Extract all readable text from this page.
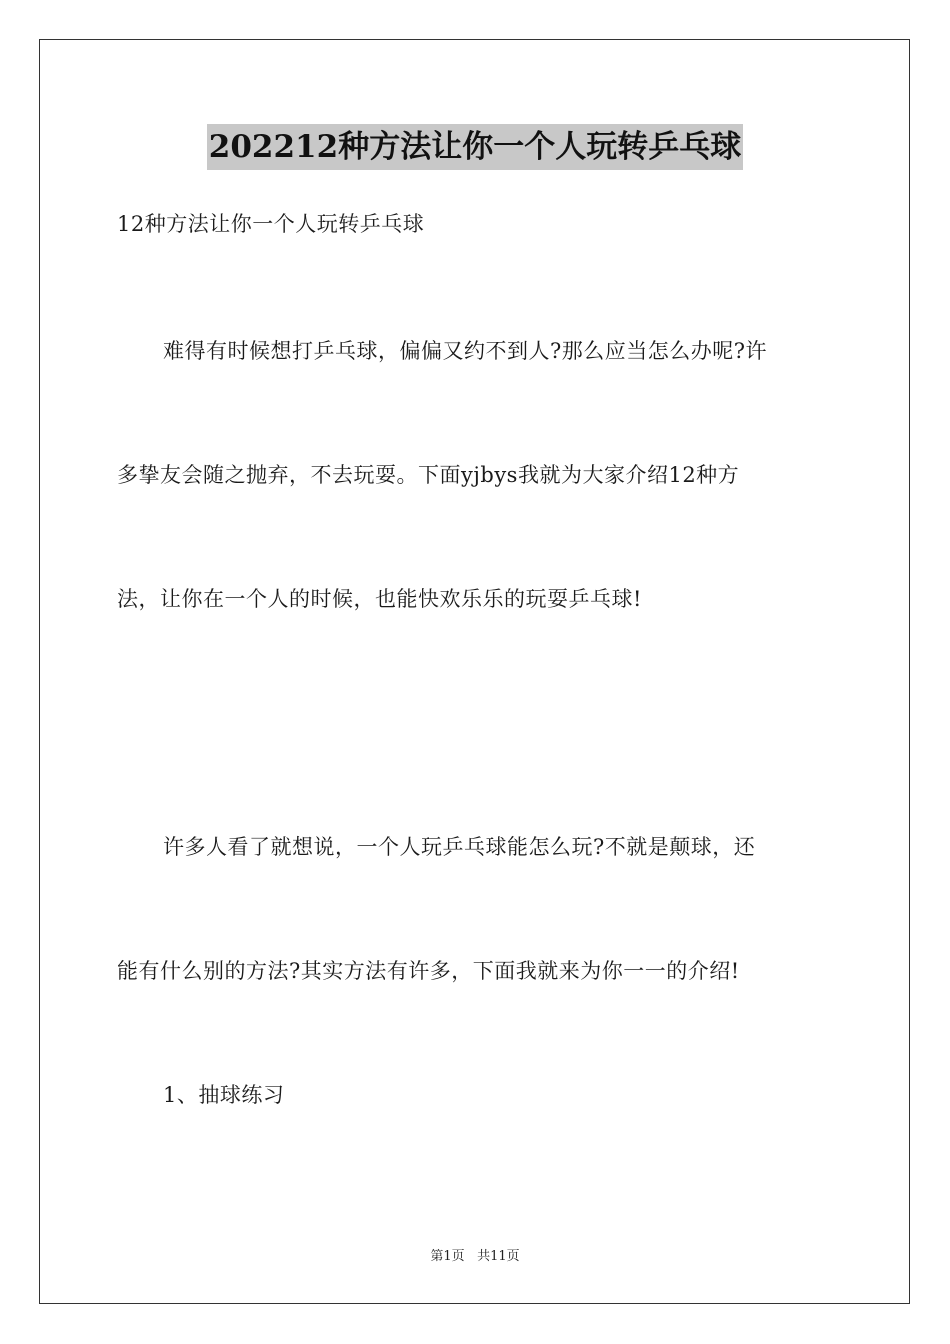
202212种方法让你一个人玩转乒乓球
12种方法让你一个人玩转乒乓球
难得有时候想打乒乓球，偏偏又约不到人?那么应当怎么办呢?许
多挚友会随之抛弃，不去玩耍。下面yjbys我就为大家介绍12种方
法，让你在一个人的时候，也能快欢乐乐的玩耍乒乓球!
许多人看了就想说，一个人玩乒乓球能怎么玩?不就是颠球，还
能有什么别的方法?其实方法有许多，下面我就来为你一一的介绍!
1、抽球练习
第1页 共11页
